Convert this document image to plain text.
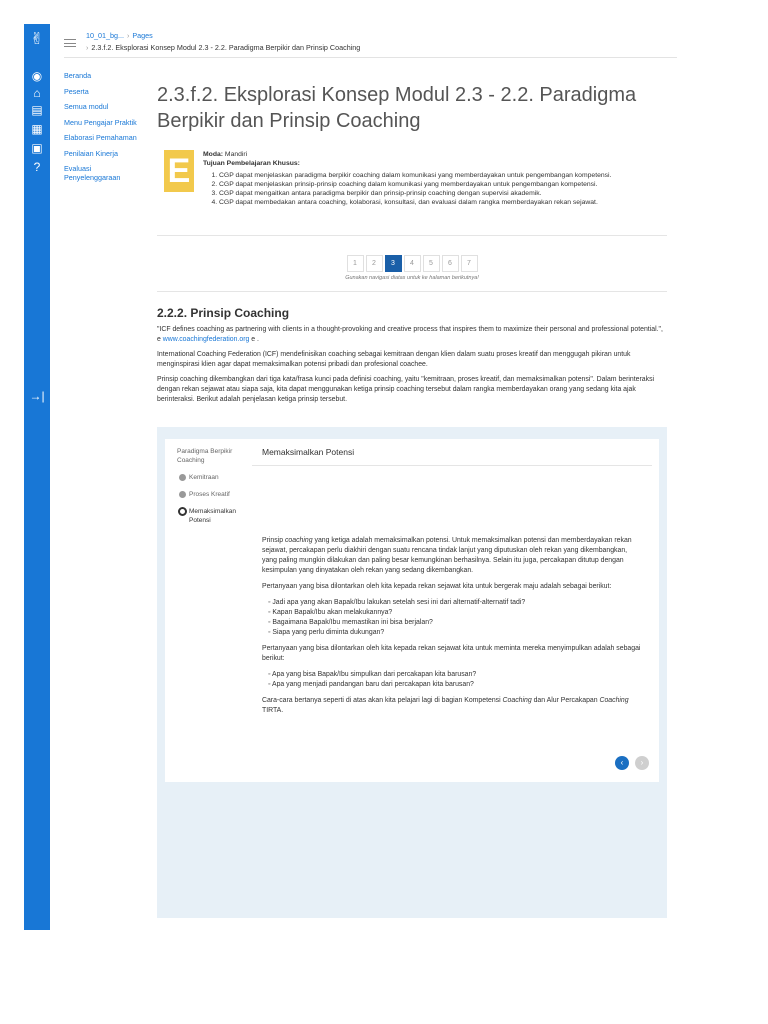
✌
◉
⌂
▤
▦
▣
?
→|
10_01_bg... › Pages
› 2.3.f.2. Eksplorasi Konsep Modul 2.3 - 2.2. Paradigma Berpikir dan Prinsip Coaching
Beranda
Peserta
Semua modul
Menu Pengajar Praktik
Elaborasi Pemahaman
Penilaian Kinerja
Evaluasi Penyelenggaraan
2.3.f.2. Eksplorasi Konsep Modul 2.3 - 2.2. Paradigma Berpikir dan Prinsip Coaching
E	Moda: Mandiri
Tujuan Pembelajaran Khusus:
1. CGP dapat menjelaskan paradigma berpikir coaching dalam komunikasi yang memberdayakan untuk pengembangan kompetensi.
2. CGP dapat menjelaskan prinsip-prinsip coaching dalam komunikasi yang memberdayakan untuk pengembangan kompetensi.
3. CGP dapat mengaitkan antara paradigma berpikir dan prinsip-prinsip coaching dengan supervisi akademik.
4. CGP dapat membedakan antara coaching, kolaborasi, konsultasi, dan evaluasi dalam rangka memberdayakan rekan sejawat.
1 2 3 4 5 6 7
Gunakan navigasi diatas untuk ke halaman berikutnya!
2.2.2. Prinsip Coaching

"ICF defines coaching as partnering with clients in a thought-provoking and creative process that inspires them to maximize their personal and professional potential.", e www.coachingfederation.org e .

International Coaching Federation (ICF) mendefinisikan coaching sebagai kemitraan dengan klien dalam suatu proses kreatif dan menggugah pikiran untuk menginspirasi klien agar dapat memaksimalkan potensi pribadi dan profesional coachee.

Prinsip coaching dikembangkan dari tiga kata/frasa kunci pada definisi coaching, yaitu "kemitraan, proses kreatif, dan memaksimalkan potensi". Dalam berinteraksi dengan rekan sejawat atau siapa saja, kita dapat menggunakan ketiga prinsip coaching tersebut dalam rangka memberdayakan orang yang sedang kita ajak berinteraksi. Berikut adalah penjelasan ketiga prinsip tersebut.

Paradigma Berpikir Coaching
Kemitraan
Proses Kreatif
Memaksimalkan Potensi
Memaksimalkan Potensi

Prinsip coaching yang ketiga adalah memaksimalkan potensi. Untuk memaksimalkan potensi dan memberdayakan rekan sejawat, percakapan perlu diakhiri dengan suatu rencana tindak lanjut yang diputuskan oleh rekan yang dikembangkan, yang paling mungkin dilakukan dan paling besar kemungkinan berhasilnya. Selain itu juga, percakapan ditutup dengan kesimpulan yang dinyatakan oleh rekan yang sedang dikembangkan.

Pertanyaan yang bisa dilontarkan oleh kita kepada rekan sejawat kita untuk bergerak maju adalah sebagai berikut:

◦ Jadi apa yang akan Bapak/Ibu lakukan setelah sesi ini dari alternatif-alternatif tadi?
◦ Kapan Bapak/Ibu akan melakukannya?
◦ Bagaimana Bapak/Ibu memastikan ini bisa berjalan?
◦ Siapa yang perlu diminta dukungan?

Pertanyaan yang bisa dilontarkan oleh kita kepada rekan sejawat kita untuk meminta mereka menyimpulkan adalah sebagai berikut:

◦ Apa yang bisa Bapak/Ibu simpulkan dari percakapan kita barusan?
◦ Apa yang menjadi pandangan baru dari percakapan kita barusan?

Cara-cara bertanya seperti di atas akan kita pelajari lagi di bagian Kompetensi Coaching dan Alur Percakapan Coaching TIRTA.

‹ ›
